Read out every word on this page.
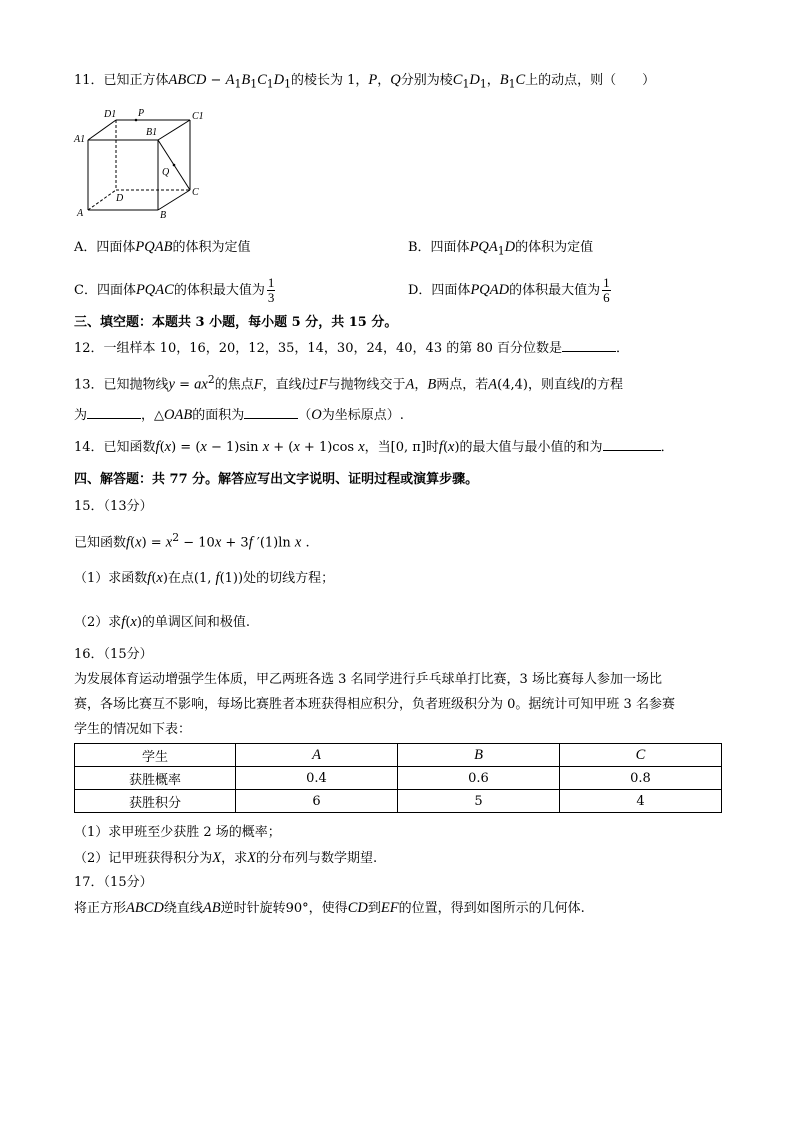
11．已知正方体ABCD − $A_1B_1C_1D_1$的棱长为 1，P，Q分别为棱$C_1D_1$，$B_1C$上的动点，则（　　）
D1 P	C1
A1
B1
Q
D
C
A	B
A．四面体PQAB的体积为定值	B．四面体$PQA_1D$的体积为定值
C．四面体PQAC的体积最大值为 $\frac{1}{3}$	D．四面体PQAD的体积最大值为 $\frac{1}{6}$
三、填空题：本题共 3 小题，每小题 5 分，共 15 分。
12．一组样本 10，16，20，12，35，14，30，24，40，43 的第 80 百分位数是	．
13．已知抛物线$y = ax^2$的焦点F，直线l过F与抛物线交于A，B两点，若A(4,4)，则直线l的方程
为	，△OAB的面积为	（O为坐标原点）.
14．已知函数f(x) = (x − 1)sin x + (x + 1)cos x，当[0, π]时f(x)的最大值与最小值的和为	．
四、解答题：共 77 分。解答应写出文字说明、证明过程或演算步骤。
15．（13分）
已知函数$f(x) = x^2 - 10x + 3f$ ′(1)ln x .
（1）求函数f(x)在点(1, f(1))处的切线方程；
（2）求f(x)的单调区间和极值.
16．（15分）
为发展体育运动增强学生体质，甲乙两班各选 3 名同学进行乒乓球单打比赛，3 场比赛每人参加一场比
赛，各场比赛互不影响，每场比赛胜者本班获得相应积分，负者班级积分为 0。据统计可知甲班 3 名参赛
学生的情况如下表：
学生	A	B	C
获胜概率	0.4	0.6	0.8
获胜积分	6	5	4
（1）求甲班至少获胜 2 场的概率；
（2）记甲班获得积分为X，求X的分布列与数学期望.
17．（15分）
将正方形ABCD绕直线AB逆时针旋转90°，使得CD到EF的位置，得到如图所示的几何体.
